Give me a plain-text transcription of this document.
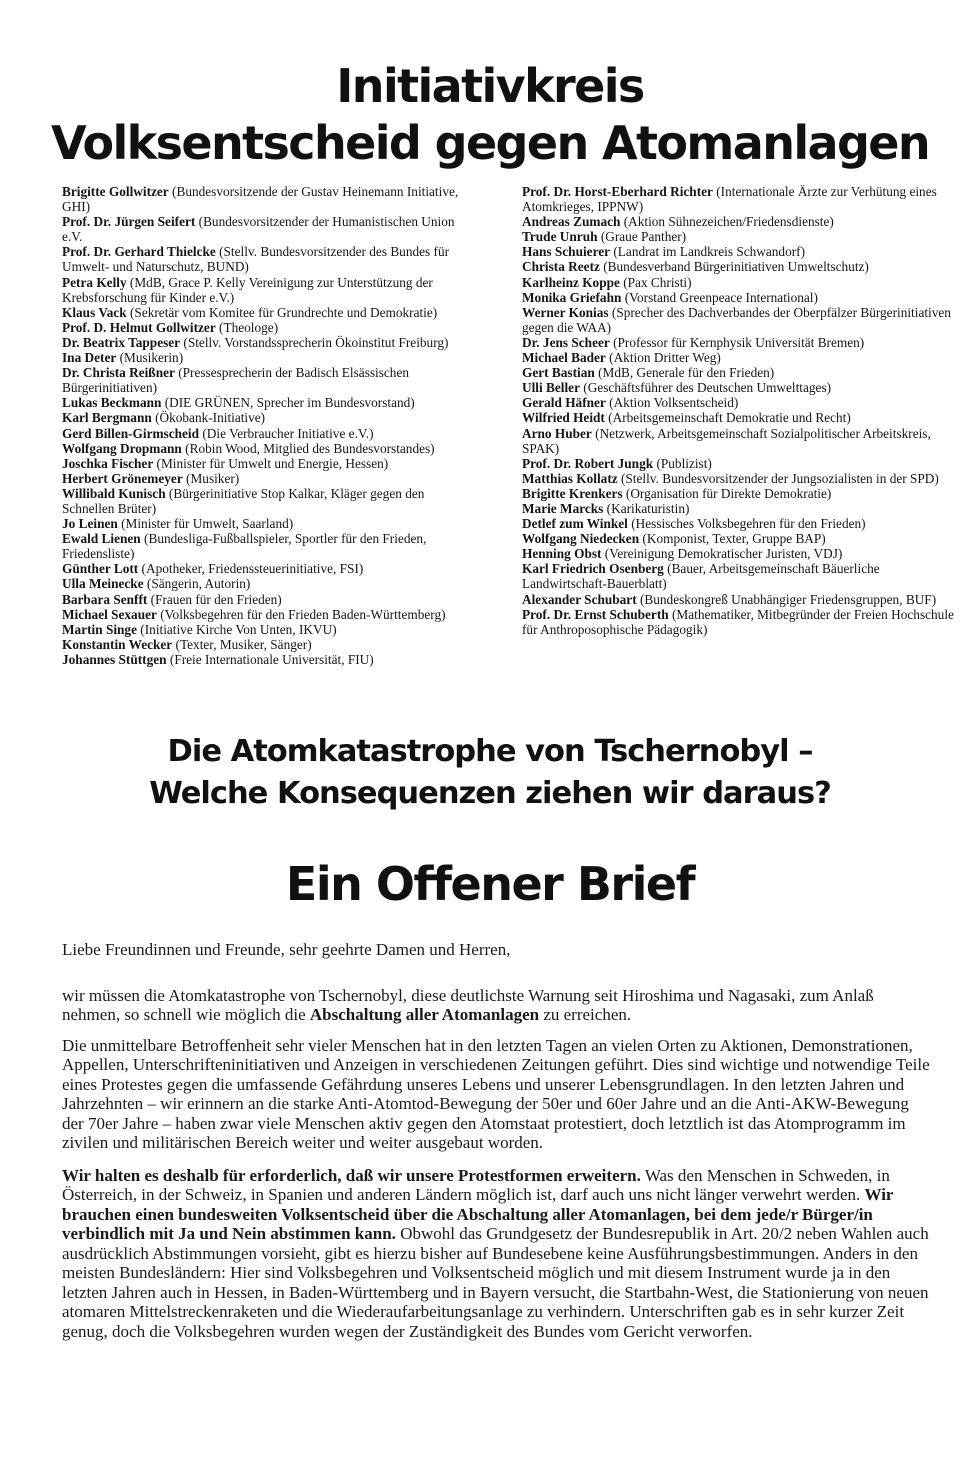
Initiativkreis
Volksentscheid gegen Atomanlagen

Brigitte Gollwitzer (Bundesvorsitzende der Gustav Heinemann Initiative, GHI)

Prof. Dr. Jürgen Seifert (Bundesvorsitzender der Humanistischen Union e.V.

Prof. Dr. Gerhard Thielcke (Stellv. Bundesvorsitzender des Bundes für Umwelt- und Naturschutz, BUND)

Petra Kelly (MdB, Grace P. Kelly Vereinigung zur Unterstützung der Krebsforschung für Kinder e.V.)

Klaus Vack (Sekretär vom Komitee für Grundrechte und Demokratie)

Prof. D. Helmut Gollwitzer (Theologe)

Dr. Beatrix Tappeser (Stellv. Vorstandssprecherin Ökoinstitut Freiburg)

Ina Deter (Musikerin)

Dr. Christa Reißner (Pressesprecherin der Badisch Elsässischen Bürgerinitiativen)

Lukas Beckmann (DIE GRÜNEN, Sprecher im Bundesvorstand)

Karl Bergmann (Ökobank-Initiative)

Gerd Billen-Girmscheid (Die Verbraucher Initiative e.V.)

Wolfgang Dropmann (Robin Wood, Mitglied des Bundesvorstandes)

Joschka Fischer (Minister für Umwelt und Energie, Hessen)

Herbert Grönemeyer (Musiker)

Willibald Kunisch (Bürgerinitiative Stop Kalkar, Kläger gegen den Schnellen Brüter)

Jo Leinen (Minister für Umwelt, Saarland)

Ewald Lienen (Bundesliga-Fußballspieler, Sportler für den Frieden, Friedensliste)

Günther Lott (Apotheker, Friedenssteuerinitiative, FSI)

Ulla Meinecke (Sängerin, Autorin)

Barbara Senfft (Frauen für den Frieden)

Michael Sexauer (Volksbegehren für den Frieden Baden-Württemberg)

Martin Singe (Initiative Kirche Von Unten, IKVU)

Konstantin Wecker (Texter, Musiker, Sänger)

Johannes Stüttgen (Freie Internationale Universität, FIU)

Prof. Dr. Horst-Eberhard Richter (Internationale Ärzte zur Verhütung eines Atomkrieges, IPPNW)

Andreas Zumach (Aktion Sühnezeichen/Friedensdienste)

Trude Unruh (Graue Panther)

Hans Schuierer (Landrat im Landkreis Schwandorf)

Christa Reetz (Bundesverband Bürgerinitiativen Umweltschutz)

Karlheinz Koppe (Pax Christi)

Monika Griefahn (Vorstand Greenpeace International)

Werner Konias (Sprecher des Dachverbandes der Oberpfälzer Bürgerinitiativen gegen die WAA)

Dr. Jens Scheer (Professor für Kernphysik Universität Bremen)

Michael Bader (Aktion Dritter Weg)

Gert Bastian (MdB, Generale für den Frieden)

Ulli Beller (Geschäftsführer des Deutschen Umwelttages)

Gerald Häfner (Aktion Volksentscheid)

Wilfried Heidt (Arbeitsgemeinschaft Demokratie und Recht)

Arno Huber (Netzwerk, Arbeitsgemeinschaft Sozialpolitischer Arbeitskreis, SPAK)

Prof. Dr. Robert Jungk (Publizist)

Matthias Kollatz (Stellv. Bundesvorsitzender der Jungsozialisten in der SPD)

Brigitte Krenkers (Organisation für Direkte Demokratie)

Marie Marcks (Karikaturistin)

Detlef zum Winkel (Hessisches Volksbegehren für den Frieden)

Wolfgang Niedecken (Komponist, Texter, Gruppe BAP)

Henning Obst (Vereinigung Demokratischer Juristen, VDJ)

Karl Friedrich Osenberg (Bauer, Arbeitsgemeinschaft Bäuerliche Landwirtschaft-Bauerblatt)

Alexander Schubart (Bundeskongreß Unabhängiger Friedensgruppen, BUF)

Prof. Dr. Ernst Schuberth (Mathematiker, Mitbegründer der Freien Hochschule für Anthroposophische Pädagogik)

Die Atomkatastrophe von Tschernobyl –
Welche Konsequenzen ziehen wir daraus?
Ein Offener Brief

Liebe Freundinnen und Freunde, sehr geehrte Damen und Herren,

wir müssen die Atomkatastrophe von Tschernobyl, diese deutlichste Warnung seit Hiroshima und Nagasaki, zum Anlaß nehmen, so schnell wie möglich die Abschaltung aller Atomanlagen zu erreichen.

Die unmittelbare Betroffenheit sehr vieler Menschen hat in den letzten Tagen an vielen Orten zu Aktionen, Demonstrationen, Appellen, Unterschrifteninitiativen und Anzeigen in verschiedenen Zeitungen geführt. Dies sind wichtige und notwendige Teile eines Protestes gegen die umfassende Gefährdung unseres Lebens und unserer Lebensgrundlagen. In den letzten Jahren und Jahrzehnten – wir erinnern an die starke Anti-Atomtod-Bewegung der 50er und 60er Jahre und an die Anti-AKW-Bewegung der 70er Jahre – haben zwar viele Menschen aktiv gegen den Atomstaat protestiert, doch letztlich ist das Atomprogramm im zivilen und militärischen Bereich weiter und weiter ausgebaut worden.

Wir halten es deshalb für erforderlich, daß wir unsere Protestformen erweitern. Was den Menschen in Schweden, in Österreich, in der Schweiz, in Spanien und anderen Ländern möglich ist, darf auch uns nicht länger verwehrt werden. Wir brauchen einen bundesweiten Volksentscheid über die Abschaltung aller Atomanlagen, bei dem jede/r Bürger/in verbindlich mit Ja und Nein abstimmen kann. Obwohl das Grundgesetz der Bundesrepublik in Art. 20/2 neben Wahlen auch ausdrücklich Abstimmungen vorsieht, gibt es hierzu bisher auf Bundesebene keine Ausführungsbestimmungen. Anders in den meisten Bundesländern: Hier sind Volksbegehren und Volksentscheid möglich und mit diesem Instrument wurde ja in den letzten Jahren auch in Hessen, in Baden-Württemberg und in Bayern versucht, die Startbahn-West, die Stationierung von neuen atomaren Mittelstreckenraketen und die Wiederaufarbeitungsanlage zu verhindern. Unterschriften gab es in sehr kurzer Zeit genug, doch die Volksbegehren wurden wegen der Zuständigkeit des Bundes vom Gericht verworfen.
